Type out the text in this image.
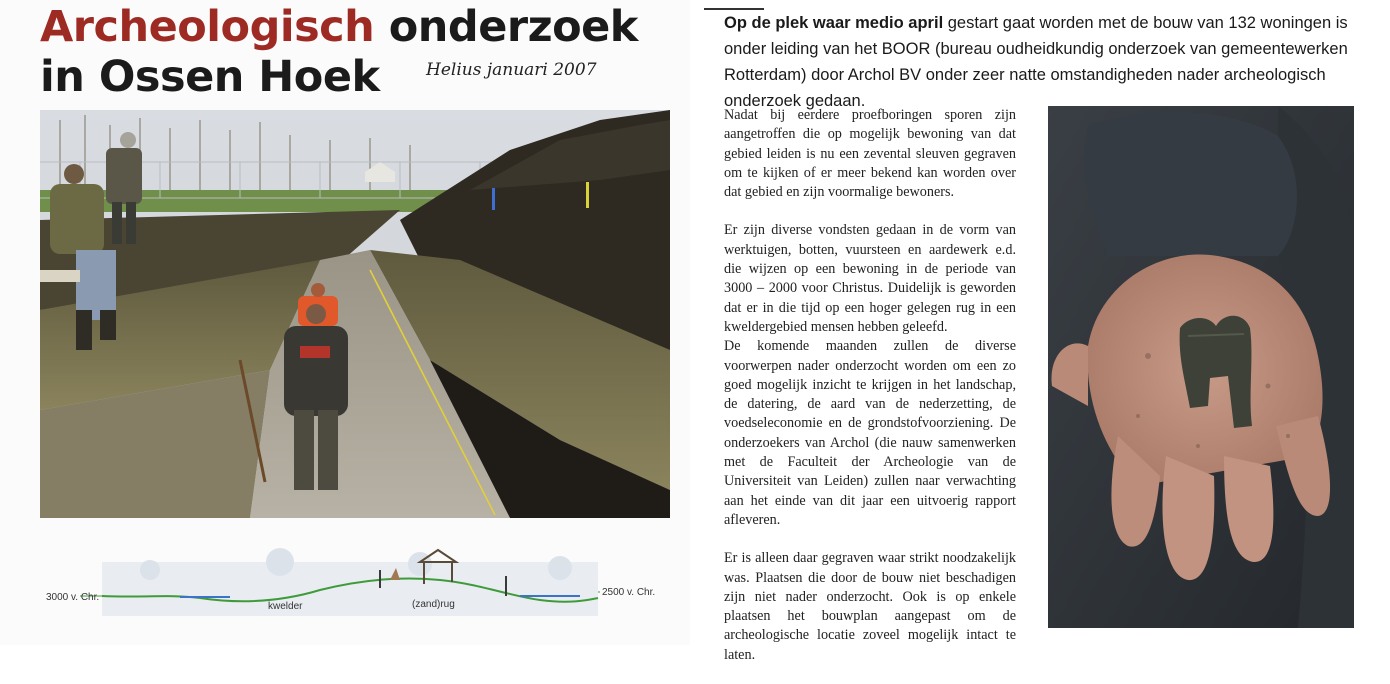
Archeologisch onderzoek
in Ossen Hoek	Helius januari 2007
3000 v. Chr.	2500 v. Chr.
kwelder	(zand)rug

Op de plek waar medio april gestart gaat worden met de bouw van 132 woningen is onder leiding van het BOOR (bureau oudheidkundig onderzoek van gemeentewerken Rotterdam) door Archol BV onder zeer natte omstandigheden nader archeologisch onderzoek gedaan.

Nadat bij eerdere proefboringen sporen zijn aangetroffen die op mogelijk bewoning van dat gebied leiden is nu een zevental sleuven gegraven om te kijken of er meer bekend kan worden over dat gebied en zijn voormalige bewoners.

Er zijn diverse vondsten gedaan in de vorm van werktuigen, botten, vuursteen en aardewerk e.d. die wijzen op een bewoning in de periode van 3000 – 2000 voor Christus. Duidelijk is geworden dat er in die tijd op een hoger gelegen rug in een kweldergebied mensen hebben geleefd.

De komende maanden zullen de diverse voorwerpen nader onderzocht worden om een zo goed mogelijk inzicht te krijgen in het landschap, de datering, de aard van de nederzetting, de voedseleconomie en de grondstofvoorziening. De onderzoekers van Archol (die nauw samenwerken met de Faculteit der Archeologie van de Universiteit van Leiden) zullen naar verwachting aan het einde van dit jaar een uitvoerig rapport afleveren.

Er is alleen daar gegraven waar strikt noodzakelijk was. Plaatsen die door de bouw niet beschadigen zijn niet nader onderzocht. Ook is op enkele plaatsen het bouwplan aangepast om de archeologische locatie zoveel mogelijk intact te laten.
